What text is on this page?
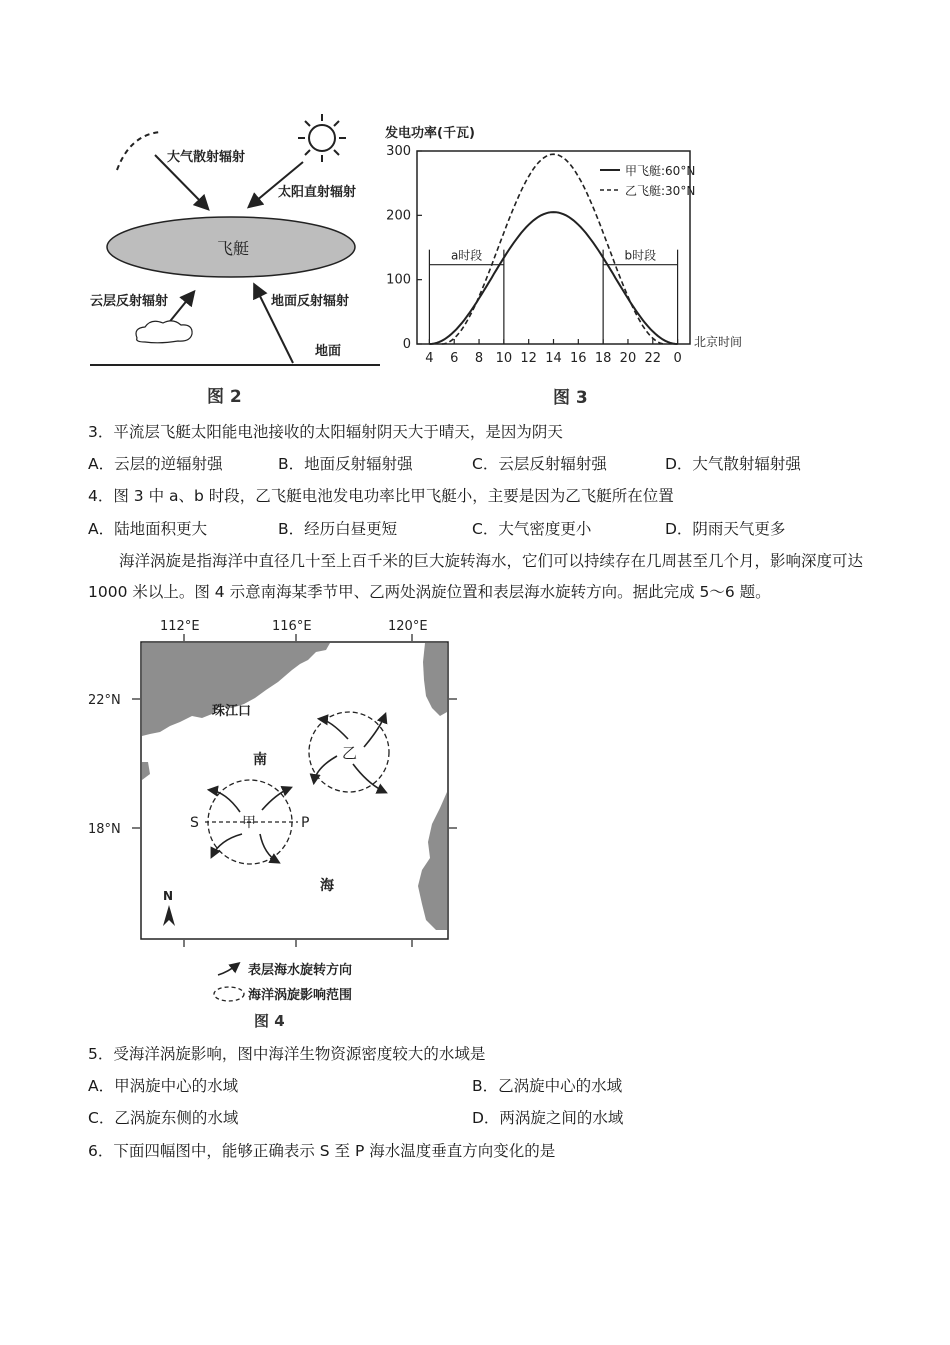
大气散射辐射
太阳直射辐射
飞艇
云层反射辐射	地面反射辐射
地面
图 2
发电功率(千瓦)
0
100
200
300
4 6 8 10 12 14 16 18 20 22 0
北京时间
a时段	b时段
甲飞艇:60°N
乙飞艇:30°N
图 3
3．平流层飞艇太阳能电池接收的太阳辐射阴天大于晴天，是因为阴天
A．云层的逆辐射强	B．地面反射辐射强	C．云层反射辐射强	D．大气散射辐射强
4．图 3 中 a、b 时段，乙飞艇电池发电功率比甲飞艇小，主要是因为乙飞艇所在位置
A．陆地面积更大	B．经历白昼更短	C．大气密度更小	D．阴雨天气更多
海洋涡旋是指海洋中直径几十至上百千米的巨大旋转海水，它们可以持续存在几周甚至几个月，影响深度可达 1000 米以上。图 4 示意南海某季节甲、乙两处涡旋位置和表层海水旋转方向。据此完成 5～6 题。
112°E	116°E	120°E
22°N
18°N
珠江口
南
海
乙
甲
S	P
N
表层海水旋转方向
海洋涡旋影响范围
图 4
5．受海洋涡旋影响，图中海洋生物资源密度较大的水域是
A．甲涡旋中心的水域	B．乙涡旋中心的水域
C．乙涡旋东侧的水域	D．两涡旋之间的水域
6．下面四幅图中，能够正确表示 S 至 P 海水温度垂直方向变化的是
